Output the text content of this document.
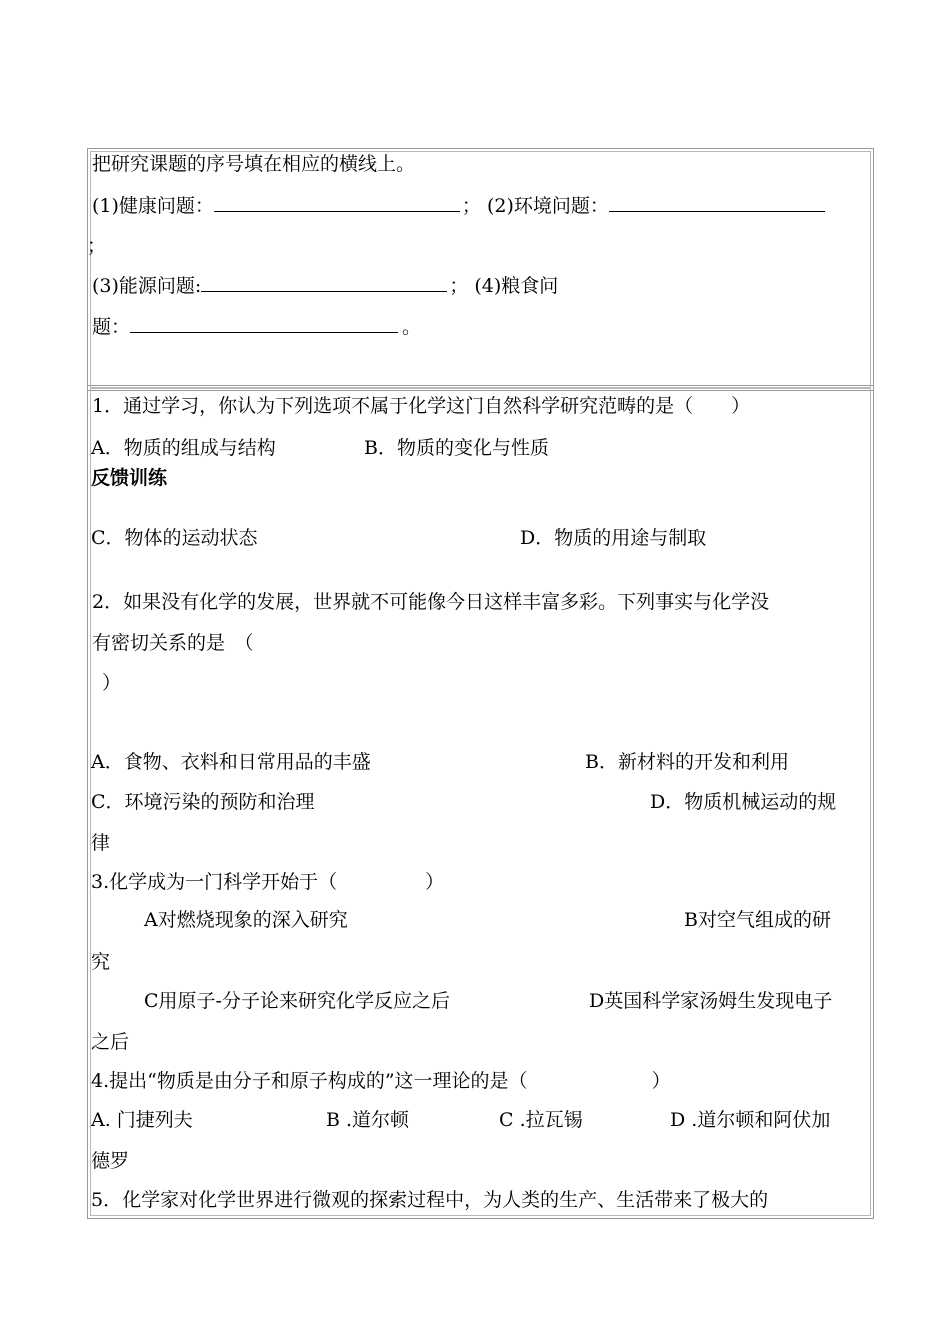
把研究课题的序号填在相应的横线上。
(1)健康问题：	； (2)环境问题：
；
(3)能源问题:	； (4)粮食问
题：	。
1．通过学习，你认为下列选项不属于化学这门自然科学研究范畴的是（　　）
A．物质的组成与结构	B．物质的变化与性质
反馈训练
C．物体的运动状态	D．物质的用途与制取
2．如果没有化学的发展，世界就不可能像今日这样丰富多彩。下列事实与化学没
有密切关系的是　（
）
A．食物、衣料和日常用品的丰盛	B．新材料的开发和利用
C．环境污染的预防和治理	D．物质机械运动的规
律
3.化学成为一门科学开始于（	）
A对燃烧现象的深入研究	B对空气组成的研
究
C用原子-分子论来研究化学反应之后	D英国科学家汤姆生发现电子
之后
4.提出“物质是由分子和原子构成的”这一理论的是（	）
A. 门捷列夫	B .道尔顿	C .拉瓦锡	D .道尔顿和阿伏加
德罗
5．化学家对化学世界进行微观的探索过程中，为人类的生产、生活带来了极大的
